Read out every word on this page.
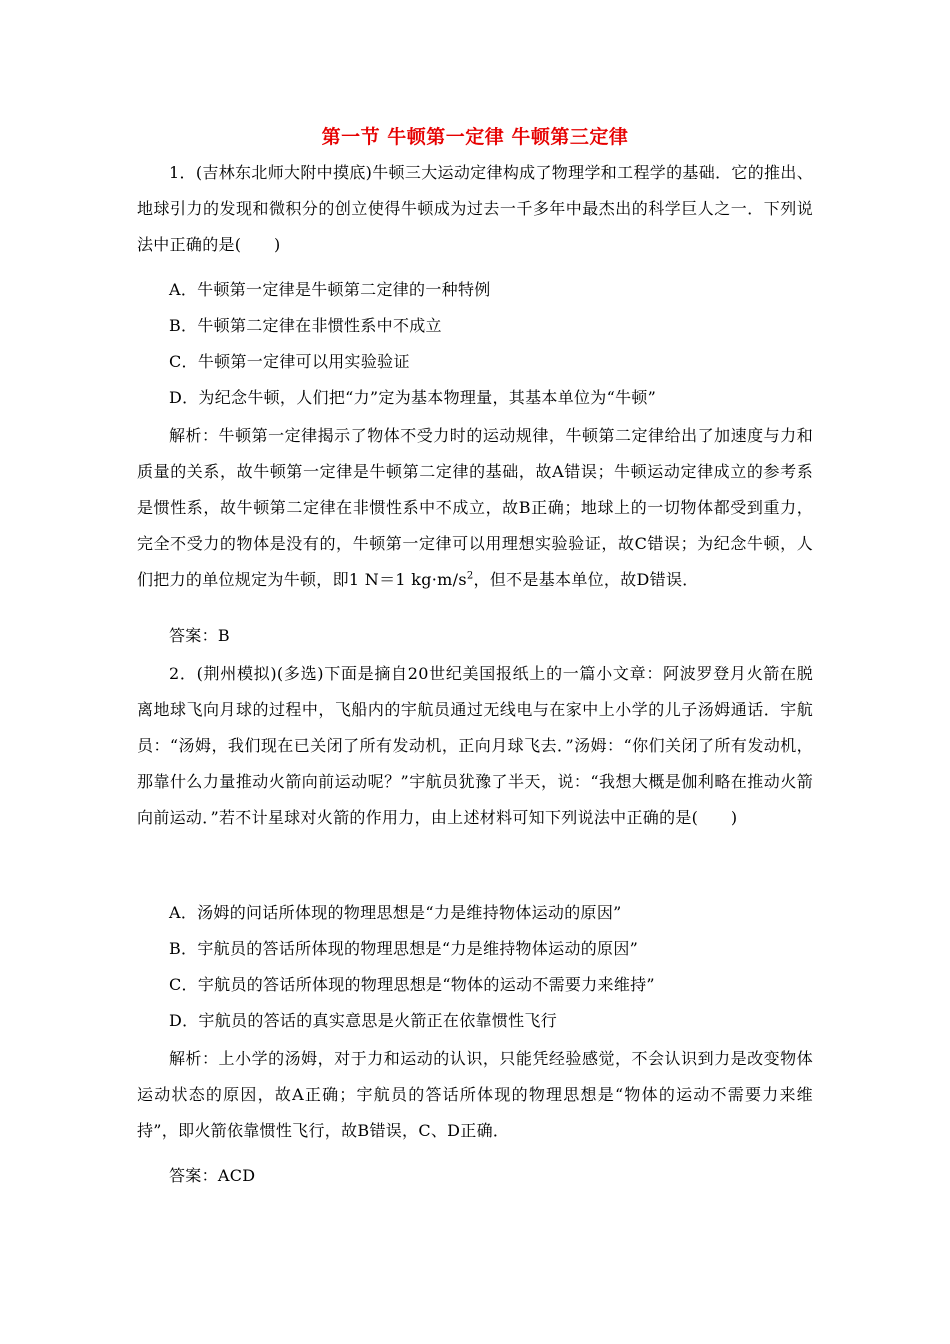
第一节 牛顿第一定律 牛顿第三定律

1．(吉林东北师大附中摸底)牛顿三大运动定律构成了物理学和工程学的基础．它的推出、地球引力的发现和微积分的创立使得牛顿成为过去一千多年中最杰出的科学巨人之一．下列说法中正确的是(　　)

A．牛顿第一定律是牛顿第二定律的一种特例

B．牛顿第二定律在非惯性系中不成立

C．牛顿第一定律可以用实验验证

D．为纪念牛顿，人们把“力”定为基本物理量，其基本单位为“牛顿”

解析：牛顿第一定律揭示了物体不受力时的运动规律，牛顿第二定律给出了加速度与力和质量的关系，故牛顿第一定律是牛顿第二定律的基础，故A错误；牛顿运动定律成立的参考系是惯性系，故牛顿第二定律在非惯性系中不成立，故B正确；地球上的一切物体都受到重力，完全不受力的物体是没有的，牛顿第一定律可以用理想实验验证，故C错误；为纪念牛顿，人们把力的单位规定为牛顿，即1 N＝1 $kg\cdot m/s^2$，但不是基本单位，故D错误．

答案：B

2．(荆州模拟)(多选)下面是摘自20世纪美国报纸上的一篇小文章：阿波罗登月火箭在脱离地球飞向月球的过程中，飞船内的宇航员通过无线电与在家中上小学的儿子汤姆通话．宇航员：“汤姆，我们现在已关闭了所有发动机，正向月球飞去．”汤姆：“你们关闭了所有发动机，那靠什么力量推动火箭向前运动呢？”宇航员犹豫了半天，说：“我想大概是伽利略在推动火箭向前运动．”若不计星球对火箭的作用力，由上述材料可知下列说法中正确的是(　　)

A．汤姆的问话所体现的物理思想是“力是维持物体运动的原因”

B．宇航员的答话所体现的物理思想是“力是维持物体运动的原因”

C．宇航员的答话所体现的物理思想是“物体的运动不需要力来维持”

D．宇航员的答话的真实意思是火箭正在依靠惯性飞行

解析：上小学的汤姆，对于力和运动的认识，只能凭经验感觉，不会认识到力是改变物体运动状态的原因，故A正确；宇航员的答话所体现的物理思想是“物体的运动不需要力来维持”，即火箭依靠惯性飞行，故B错误，C、D正确．

答案：ACD
